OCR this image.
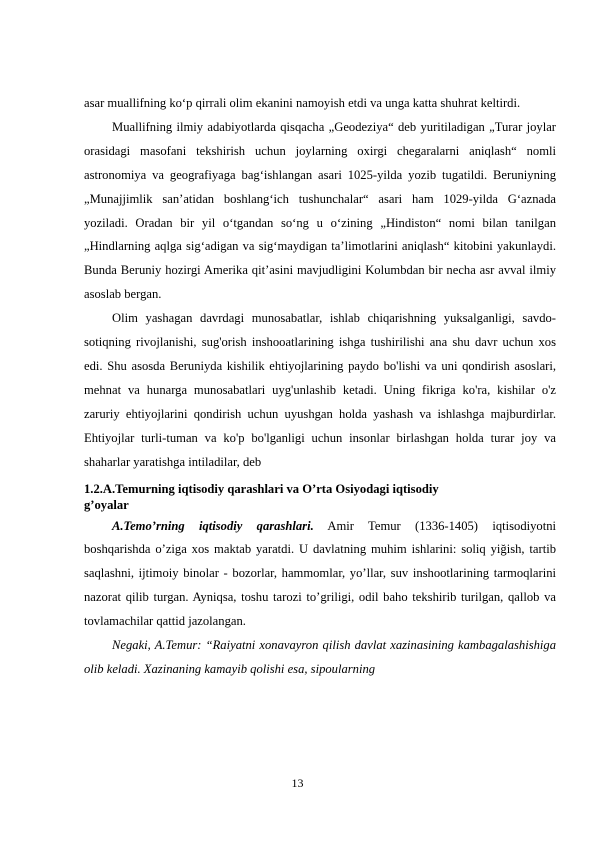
asar muallifning ko‘p qirrali olim ekanini namoyish etdi va unga katta shuhrat keltirdi.

Muallifning ilmiy adabiyotlarda qisqacha „Geodeziya“ deb yuritiladigan „Turar joylar orasidagi masofani tekshirish uchun joylarning oxirgi chegaralarni aniqlash“ nomli astronomiya va geografiyaga bag‘ishlangan asari 1025-yilda yozib tugatildi. Beruniyning „Munajjimlik san’atidan boshlang‘ich tushunchalar“ asari ham 1029-yilda G‘aznada yoziladi. Oradan bir yil o‘tgandan so‘ng u o‘zining „Hindiston“ nomi bilan tanilgan „Hindlarning aqlga sig‘adigan va sig‘maydigan ta’limotlarini aniqlash“ kitobini yakunlaydi. Bunda Beruniy hozirgi Amerika qit’asini mavjudligini Kolumbdan bir necha asr avval ilmiy asoslab bergan.

Olim yashagan davrdagi munosabatlar, ishlab chiqarishning yuksalganligi, savdo-sotiqning rivojlanishi, sug'orish inshooatlarining ishga tushirilishi ana shu davr uchun xos edi. Shu asosda Beruniyda kishilik ehtiyojlarining paydo bo'lishi va uni qondirish asoslari, mehnat va hunarga munosabatlari uyg'unlashib ketadi. Uning fikriga ko'ra, kishilar o'z zaruriy ehtiyojlarini qondirish uchun uyushgan holda yashash va ishlashga majburdirlar. Ehtiyojlar turli-tuman va ko'p bo'lganligi uchun insonlar birlashgan holda turar joy va shaharlar yaratishga intiladilar, deb

1.2.A.Temurning iqtisodiy qarashlari va O’rta Osiyodagi iqtisodiy
g’oyalar

A.Temo’rning iqtisodiy qarashlari. Amir Temur (1336-1405) iqtisodiyotni boshqarishda o’ziga xos maktab yaratdi. U davlatning muhim ishlarini: soliq yiğish, tartib saqlashni, ijtimoiy binolar - bozorlar, hammomlar, yo’llar, suv inshootlarining tarmoqlarini nazorat qilib turgan. Ayniqsa, toshu tarozi to’griligi, odil baho tekshirib turilgan, qallob va tovlamachilar qattid jazolangan.

Negaki, A.Temur: “Raiyatni xonavayron qilish davlat xazinasining kambagalashishiga olib keladi. Xazinaning kamayib qolishi esa, sipoularning

13
